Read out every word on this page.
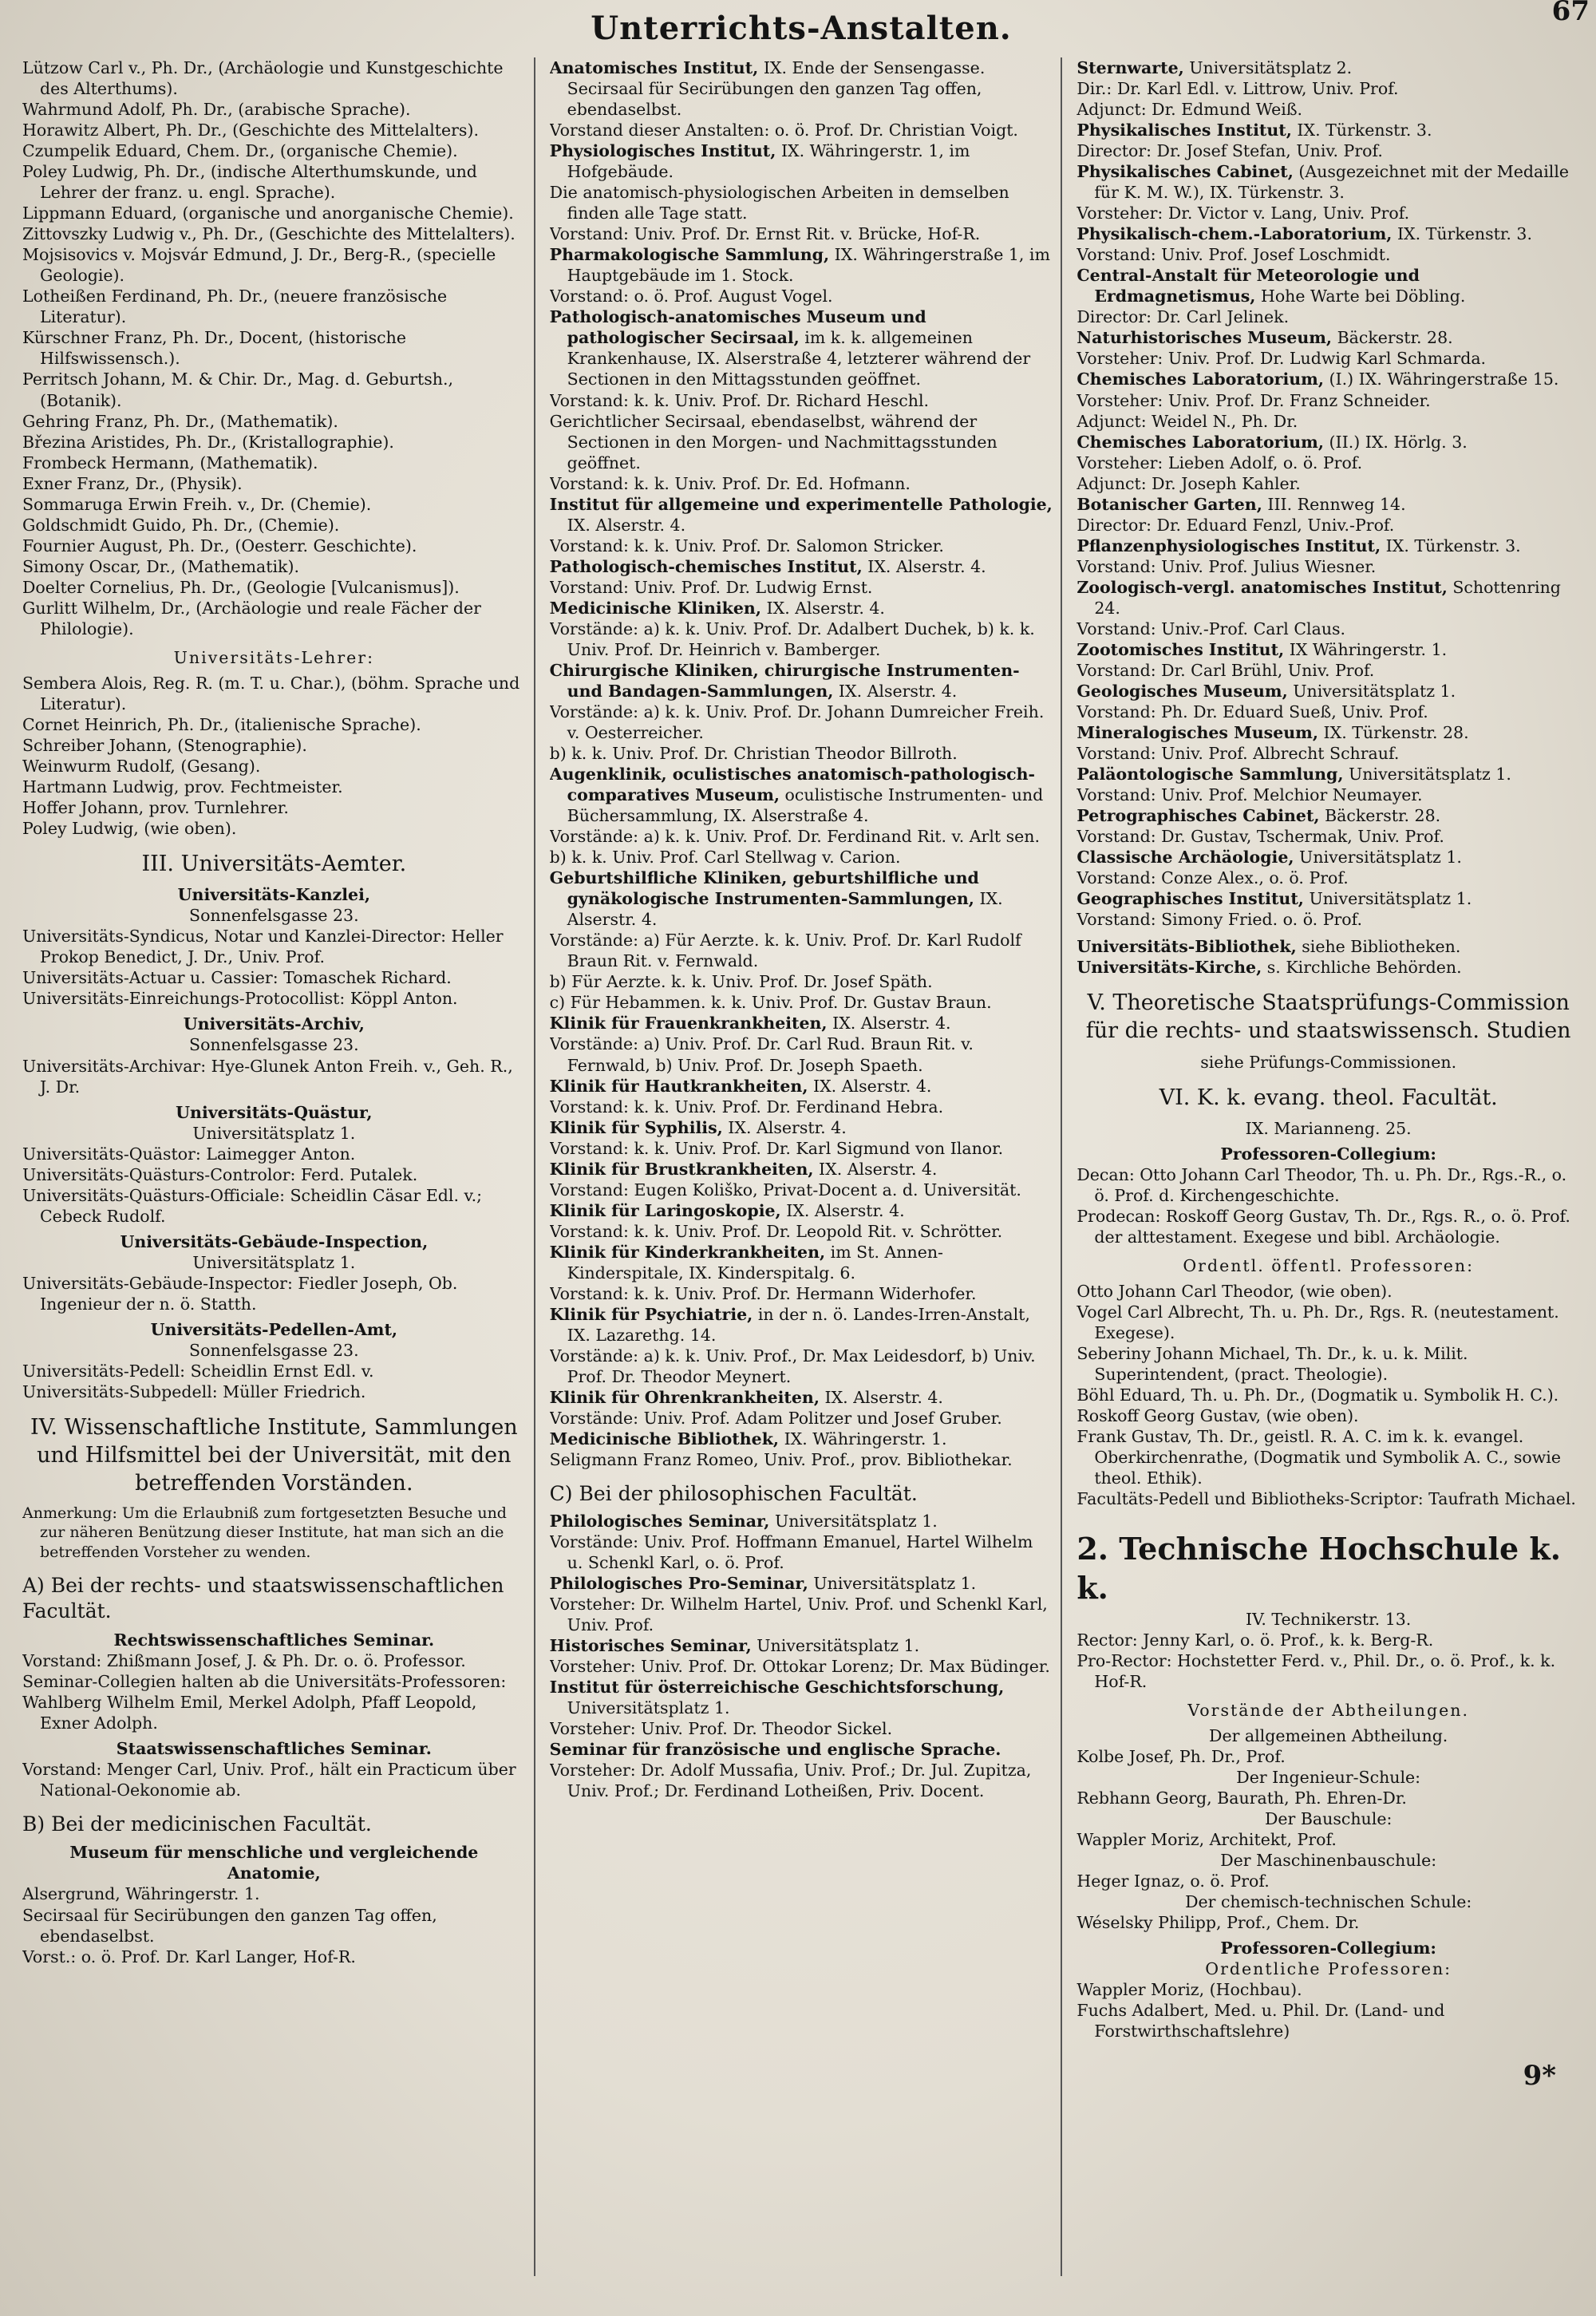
67
Unterrichts-Anstalten.

Lützow Carl v., Ph. Dr., (Archäologie und Kunstgeschichte des Alterthums).

Wahrmund Adolf, Ph. Dr., (arabische Sprache).

Horawitz Albert, Ph. Dr., (Geschichte des Mittelalters).

Czumpelik Eduard, Chem. Dr., (organische Chemie).

Poley Ludwig, Ph. Dr., (indische Alterthumskunde, und Lehrer der franz. u. engl. Sprache).

Lippmann Eduard, (organische und anorganische Chemie).

Zittovszky Ludwig v., Ph. Dr., (Geschichte des Mittelalters).

Mojsisovics v. Mojsvár Edmund, J. Dr., Berg-R., (specielle Geologie).

Lotheißen Ferdinand, Ph. Dr., (neuere französische Literatur).

Kürschner Franz, Ph. Dr., Docent, (historische Hilfswissensch.).

Perritsch Johann, M. & Chir. Dr., Mag. d. Geburtsh., (Botanik).

Gehring Franz, Ph. Dr., (Mathematik).

Březina Aristides, Ph. Dr., (Kristallographie).

Frombeck Hermann, (Mathematik).

Exner Franz, Dr., (Physik).

Sommaruga Erwin Freih. v., Dr. (Chemie).

Goldschmidt Guido, Ph. Dr., (Chemie).

Fournier August, Ph. Dr., (Oesterr. Geschichte).

Simony Oscar, Dr., (Mathematik).

Doelter Cornelius, Ph. Dr., (Geologie [Vulcanismus]).

Gurlitt Wilhelm, Dr., (Archäologie und reale Fächer der Philologie).

Universitäts-Lehrer:

Sembera Alois, Reg. R. (m. T. u. Char.), (böhm. Sprache und Literatur).

Cornet Heinrich, Ph. Dr., (italienische Sprache).

Schreiber Johann, (Stenographie).

Weinwurm Rudolf, (Gesang).

Hartmann Ludwig, prov. Fechtmeister.

Hoffer Johann, prov. Turnlehrer.

Poley Ludwig, (wie oben).

III. Universitäts-Aemter.
Universitäts-Kanzlei,
Sonnenfelsgasse 23.

Universitäts-Syndicus, Notar und Kanzlei-Director: Heller Prokop Benedict, J. Dr., Univ. Prof.

Universitäts-Actuar u. Cassier: Tomaschek Richard.

Universitäts-Einreichungs-Protocollist: Köppl Anton.

Universitäts-Archiv,
Sonnenfelsgasse 23.

Universitäts-Archivar: Hye-Glunek Anton Freih. v., Geh. R., J. Dr.

Universitäts-Quästur,
Universitätsplatz 1.

Universitäts-Quästor: Laimegger Anton.

Universitäts-Quästurs-Controlor: Ferd. Putalek.

Universitäts-Quästurs-Officiale: Scheidlin Cäsar Edl. v.; Cebeck Rudolf.

Universitäts-Gebäude-Inspection,
Universitätsplatz 1.

Universitäts-Gebäude-Inspector: Fiedler Joseph, Ob. Ingenieur der n. ö. Statth.

Universitäts-Pedellen-Amt,
Sonnenfelsgasse 23.

Universitäts-Pedell: Scheidlin Ernst Edl. v.

Universitäts-Subpedell: Müller Friedrich.

IV. Wissenschaftliche Institute, Sammlungen und Hilfsmittel bei der Universität, mit den betreffenden Vorständen.

Anmerkung: Um die Erlaubniß zum fortgesetzten Besuche und zur näheren Benützung dieser Institute, hat man sich an die betreffenden Vorsteher zu wenden.

A) Bei der rechts- und staatswissenschaftlichen Facultät.
Rechtswissenschaftliches Seminar.

Vorstand: Zhißmann Josef, J. & Ph. Dr. o. ö. Professor.

Seminar-Collegien halten ab die Universitäts-Professoren:

Wahlberg Wilhelm Emil, Merkel Adolph, Pfaff Leopold, Exner Adolph.

Staatswissenschaftliches Seminar.

Vorstand: Menger Carl, Univ. Prof., hält ein Practicum über National-Oekonomie ab.

B) Bei der medicinischen Facultät.
Museum für menschliche und vergleichende Anatomie,

Alsergrund, Währingerstr. 1.

Secirsaal für Secirübungen den ganzen Tag offen, ebendaselbst.

Vorst.: o. ö. Prof. Dr. Karl Langer, Hof-R.

Anatomisches Institut, IX. Ende der Sensengasse. Secirsaal für Secirübungen den ganzen Tag offen, ebendaselbst.

Vorstand dieser Anstalten: o. ö. Prof. Dr. Christian Voigt.

Physiologisches Institut, IX. Währingerstr. 1, im Hofgebäude.

Die anatomisch-physiologischen Arbeiten in demselben finden alle Tage statt.

Vorstand: Univ. Prof. Dr. Ernst Rit. v. Brücke, Hof-R.

Pharmakologische Sammlung, IX. Währingerstraße 1, im Hauptgebäude im 1. Stock.

Vorstand: o. ö. Prof. August Vogel.

Pathologisch-anatomisches Museum und pathologischer Secirsaal, im k. k. allgemeinen Krankenhause, IX. Alserstraße 4, letzterer während der Sectionen in den Mittagsstunden geöffnet.

Vorstand: k. k. Univ. Prof. Dr. Richard Heschl.

Gerichtlicher Secirsaal, ebendaselbst, während der Sectionen in den Morgen- und Nachmittagsstunden geöffnet.

Vorstand: k. k. Univ. Prof. Dr. Ed. Hofmann.

Institut für allgemeine und experimentelle Pathologie, IX. Alserstr. 4.

Vorstand: k. k. Univ. Prof. Dr. Salomon Stricker.

Pathologisch-chemisches Institut, IX. Alserstr. 4.

Vorstand: Univ. Prof. Dr. Ludwig Ernst.

Medicinische Kliniken, IX. Alserstr. 4.

Vorstände: a) k. k. Univ. Prof. Dr. Adalbert Duchek, b) k. k. Univ. Prof. Dr. Heinrich v. Bamberger.

Chirurgische Kliniken, chirurgische Instrumenten- und Bandagen-Sammlungen, IX. Alserstr. 4.

Vorstände: a) k. k. Univ. Prof. Dr. Johann Dumreicher Freih. v. Oesterreicher.

b) k. k. Univ. Prof. Dr. Christian Theodor Billroth.

Augenklinik, oculistisches anatomisch-pathologisch-comparatives Museum, oculistische Instrumenten- und Büchersammlung, IX. Alserstraße 4.

Vorstände: a) k. k. Univ. Prof. Dr. Ferdinand Rit. v. Arlt sen.

b) k. k. Univ. Prof. Carl Stellwag v. Carion.

Geburtshilfliche Kliniken, geburtshilfliche und gynäkologische Instrumenten-Sammlungen, IX. Alserstr. 4.

Vorstände: a) Für Aerzte. k. k. Univ. Prof. Dr. Karl Rudolf Braun Rit. v. Fernwald.

b) Für Aerzte. k. k. Univ. Prof. Dr. Josef Späth.

c) Für Hebammen. k. k. Univ. Prof. Dr. Gustav Braun.

Klinik für Frauenkrankheiten, IX. Alserstr. 4.

Vorstände: a) Univ. Prof. Dr. Carl Rud. Braun Rit. v. Fernwald, b) Univ. Prof. Dr. Joseph Spaeth.

Klinik für Hautkrankheiten, IX. Alserstr. 4.

Vorstand: k. k. Univ. Prof. Dr. Ferdinand Hebra.

Klinik für Syphilis, IX. Alserstr. 4.

Vorstand: k. k. Univ. Prof. Dr. Karl Sigmund von Ilanor.

Klinik für Brustkrankheiten, IX. Alserstr. 4.

Vorstand: Eugen Koliško, Privat-Docent a. d. Universität.

Klinik für Laringoskopie, IX. Alserstr. 4.

Vorstand: k. k. Univ. Prof. Dr. Leopold Rit. v. Schrötter.

Klinik für Kinderkrankheiten, im St. Annen-Kinderspitale, IX. Kinderspitalg. 6.

Vorstand: k. k. Univ. Prof. Dr. Hermann Widerhofer.

Klinik für Psychiatrie, in der n. ö. Landes-Irren-Anstalt, IX. Lazarethg. 14.

Vorstände: a) k. k. Univ. Prof., Dr. Max Leidesdorf, b) Univ. Prof. Dr. Theodor Meynert.

Klinik für Ohrenkrankheiten, IX. Alserstr. 4.

Vorstände: Univ. Prof. Adam Politzer und Josef Gruber.

Medicinische Bibliothek, IX. Währingerstr. 1.

Seligmann Franz Romeo, Univ. Prof., prov. Bibliothekar.

C) Bei der philosophischen Facultät.

Philologisches Seminar, Universitätsplatz 1.

Vorstände: Univ. Prof. Hoffmann Emanuel, Hartel Wilhelm u. Schenkl Karl, o. ö. Prof.

Philologisches Pro-Seminar, Universitätsplatz 1.

Vorsteher: Dr. Wilhelm Hartel, Univ. Prof. und Schenkl Karl, Univ. Prof.

Historisches Seminar, Universitätsplatz 1.

Vorsteher: Univ. Prof. Dr. Ottokar Lorenz; Dr. Max Büdinger.

Institut für österreichische Geschichtsforschung, Universitätsplatz 1.

Vorsteher: Univ. Prof. Dr. Theodor Sickel.

Seminar für französische und englische Sprache.

Vorsteher: Dr. Adolf Mussafia, Univ. Prof.; Dr. Jul. Zupitza, Univ. Prof.; Dr. Ferdinand Lotheißen, Priv. Docent.

Sternwarte, Universitätsplatz 2.

Dir.: Dr. Karl Edl. v. Littrow, Univ. Prof.

Adjunct: Dr. Edmund Weiß.

Physikalisches Institut, IX. Türkenstr. 3.

Director: Dr. Josef Stefan, Univ. Prof.

Physikalisches Cabinet, (Ausgezeichnet mit der Medaille für K. M. W.), IX. Türkenstr. 3.

Vorsteher: Dr. Victor v. Lang, Univ. Prof.

Physikalisch-chem.-Laboratorium, IX. Türkenstr. 3.

Vorstand: Univ. Prof. Josef Loschmidt.

Central-Anstalt für Meteorologie und Erdmagnetismus, Hohe Warte bei Döbling.

Director: Dr. Carl Jelinek.

Naturhistorisches Museum, Bäckerstr. 28.

Vorsteher: Univ. Prof. Dr. Ludwig Karl Schmarda.

Chemisches Laboratorium, (I.) IX. Währingerstraße 15.

Vorsteher: Univ. Prof. Dr. Franz Schneider.

Adjunct: Weidel N., Ph. Dr.

Chemisches Laboratorium, (II.) IX. Hörlg. 3.

Vorsteher: Lieben Adolf, o. ö. Prof.

Adjunct: Dr. Joseph Kahler.

Botanischer Garten, III. Rennweg 14.

Director: Dr. Eduard Fenzl, Univ.-Prof.

Pflanzenphysiologisches Institut, IX. Türkenstr. 3.

Vorstand: Univ. Prof. Julius Wiesner.

Zoologisch-vergl. anatomisches Institut, Schottenring 24.

Vorstand: Univ.-Prof. Carl Claus.

Zootomisches Institut, IX Währingerstr. 1.

Vorstand: Dr. Carl Brühl, Univ. Prof.

Geologisches Museum, Universitätsplatz 1.

Vorstand: Ph. Dr. Eduard Sueß, Univ. Prof.

Mineralogisches Museum, IX. Türkenstr. 28.

Vorstand: Univ. Prof. Albrecht Schrauf.

Paläontologische Sammlung, Universitätsplatz 1.

Vorstand: Univ. Prof. Melchior Neumayer.

Petrographisches Cabinet, Bäckerstr. 28.

Vorstand: Dr. Gustav, Tschermak, Univ. Prof.

Classische Archäologie, Universitätsplatz 1.

Vorstand: Conze Alex., o. ö. Prof.

Geographisches Institut, Universitätsplatz 1.

Vorstand: Simony Fried. o. ö. Prof.

Universitäts-Bibliothek, siehe Bibliotheken.

Universitäts-Kirche, s. Kirchliche Behörden.

V. Theoretische Staatsprüfungs-Commission für die rechts- und staatswissensch. Studien
siehe Prüfungs-Commissionen.
VI. K. k. evang. theol. Facultät.
IX. Marianneng. 25.
Professoren-Collegium:

Decan: Otto Johann Carl Theodor, Th. u. Ph. Dr., Rgs.-R., o. ö. Prof. d. Kirchengeschichte.

Prodecan: Roskoff Georg Gustav, Th. Dr., Rgs. R., o. ö. Prof. der alttestament. Exegese und bibl. Archäologie.

Ordentl. öffentl. Professoren:

Otto Johann Carl Theodor, (wie oben).

Vogel Carl Albrecht, Th. u. Ph. Dr., Rgs. R. (neutestament. Exegese).

Seberiny Johann Michael, Th. Dr., k. u. k. Milit. Superintendent, (pract. Theologie).

Böhl Eduard, Th. u. Ph. Dr., (Dogmatik u. Symbolik H. C.).

Roskoff Georg Gustav, (wie oben).

Frank Gustav, Th. Dr., geistl. R. A. C. im k. k. evangel. Oberkirchenrathe, (Dogmatik und Symbolik A. C., sowie theol. Ethik).

Facultäts-Pedell und Bibliotheks-Scriptor: Taufrath Michael.

2. Technische Hochschule k. k.
IV. Technikerstr. 13.

Rector: Jenny Karl, o. ö. Prof., k. k. Berg-R.

Pro-Rector: Hochstetter Ferd. v., Phil. Dr., o. ö. Prof., k. k. Hof-R.

Vorstände der Abtheilungen.
Der allgemeinen Abtheilung.

Kolbe Josef, Ph. Dr., Prof.

Der Ingenieur-Schule:

Rebhann Georg, Baurath, Ph. Ehren-Dr.

Der Bauschule:

Wappler Moriz, Architekt, Prof.

Der Maschinenbauschule:

Heger Ignaz, o. ö. Prof.

Der chemisch-technischen Schule:

Wéselsky Philipp, Prof., Chem. Dr.

Professoren-Collegium:
Ordentliche Professoren:

Wappler Moriz, (Hochbau).

Fuchs Adalbert, Med. u. Phil. Dr. (Land- und Forstwirthschaftslehre)

9*
